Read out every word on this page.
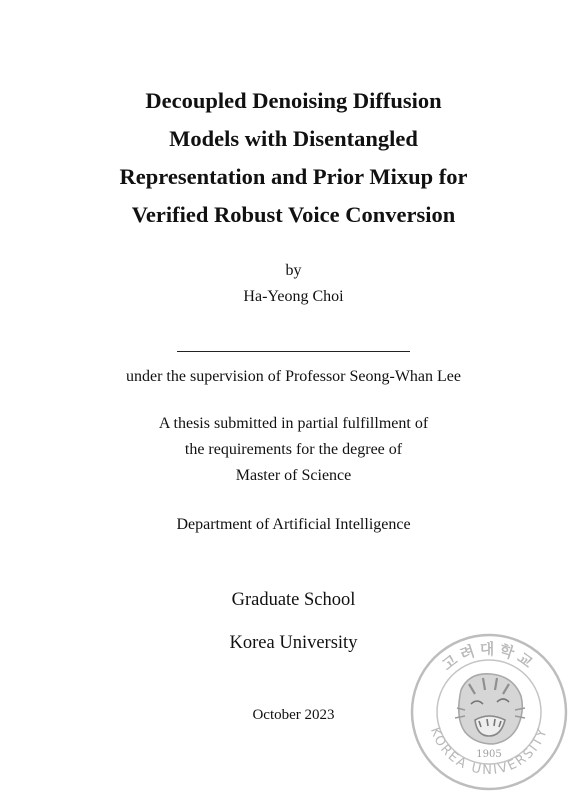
Decoupled Denoising Diffusion
Models with Disentangled
Representation and Prior Mixup for
Verified Robust Voice Conversion
by
Ha-Yeong Choi
under the supervision of Professor Seong-Whan Lee
A thesis submitted in partial fulfillment of
the requirements for the degree of
Master of Science
Department of Artificial Intelligence
Graduate School
Korea University
October 2023
고려대학교
KOREA UNIVERSITY
1905
